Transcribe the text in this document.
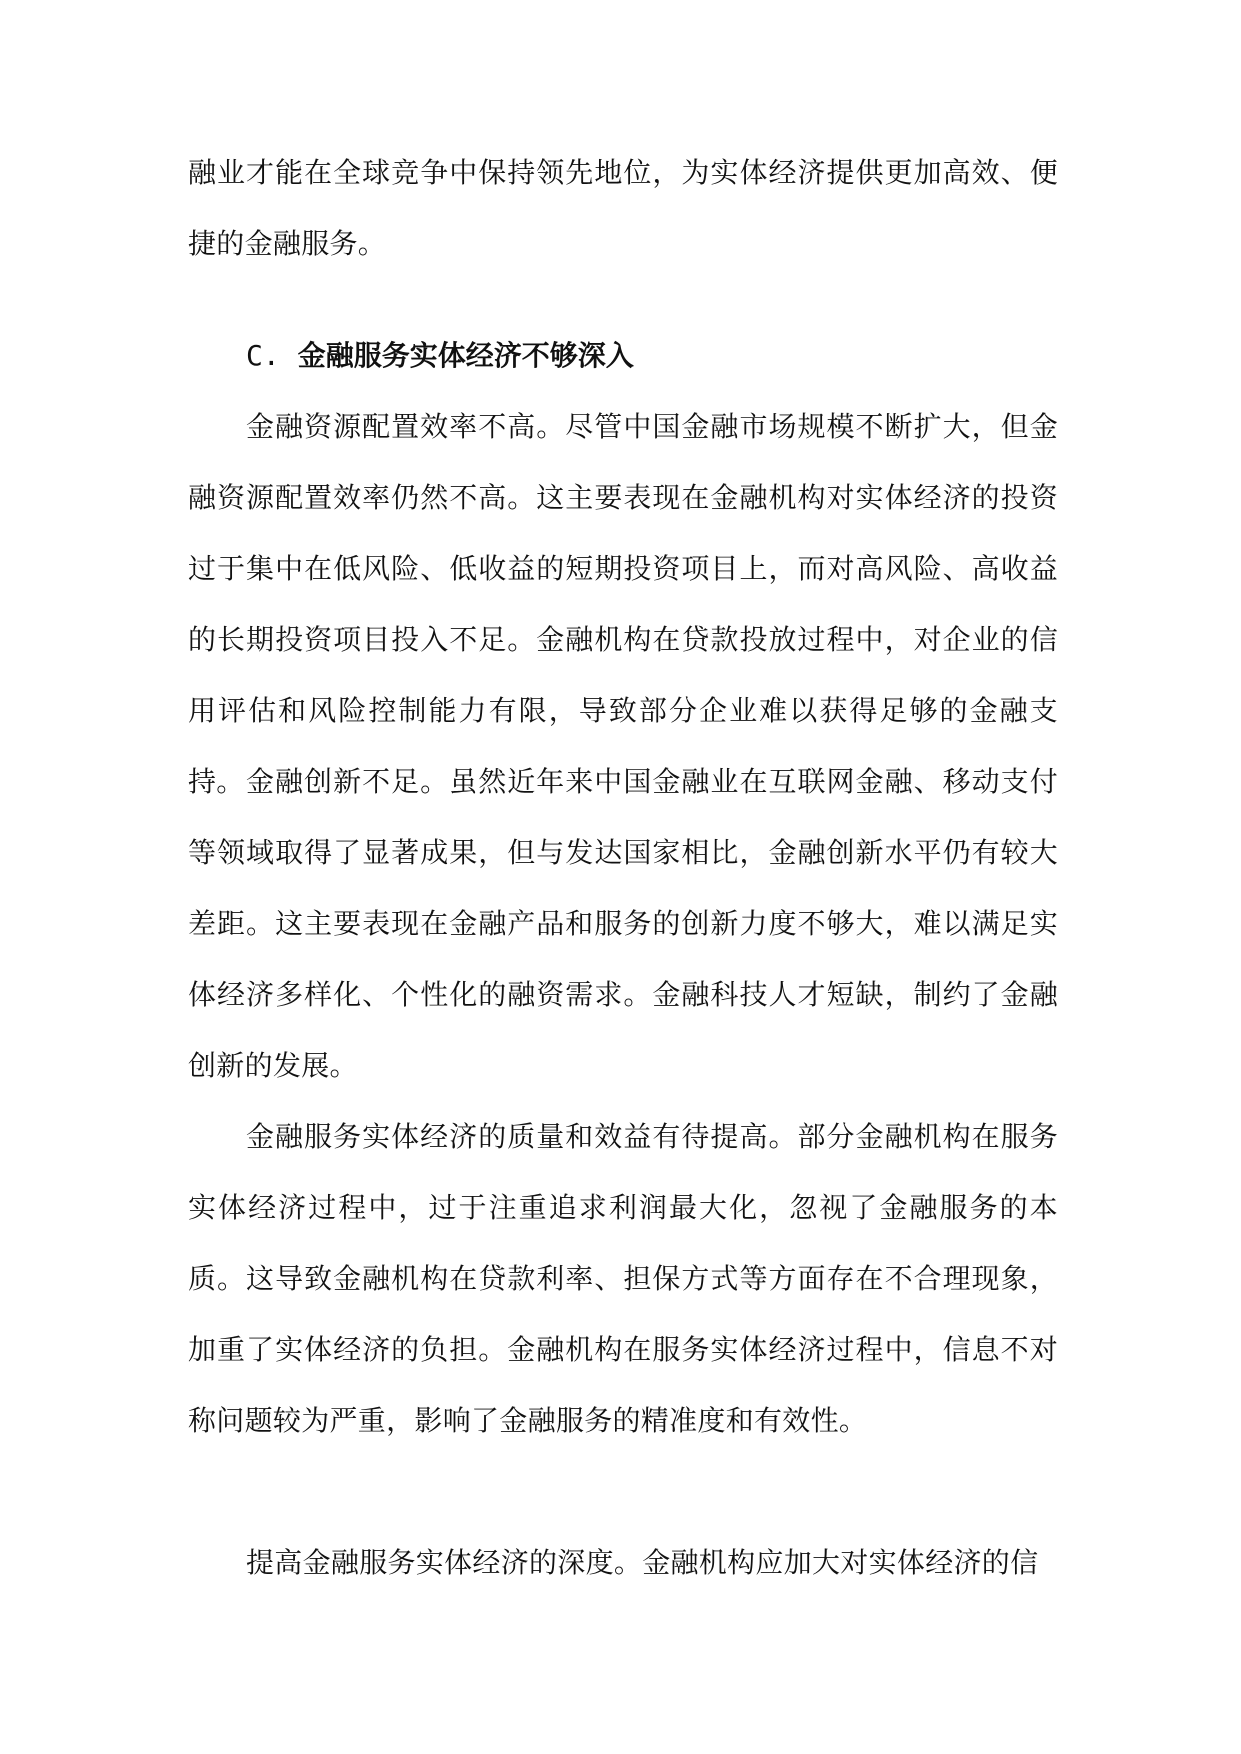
融业才能在全球竞争中保持领先地位，为实体经济提供更加高效、便捷的金融服务。

C. 金融服务实体经济不够深入

金融资源配置效率不高。尽管中国金融市场规模不断扩大，但金融资源配置效率仍然不高。这主要表现在金融机构对实体经济的投资过于集中在低风险、低收益的短期投资项目上，而对高风险、高收益的长期投资项目投入不足。金融机构在贷款投放过程中，对企业的信用评估和风险控制能力有限，导致部分企业难以获得足够的金融支持。 金融创新不足。虽然近年来中国金融业在互联网金融、移动支付等领域取得了显著成果，但与发达国家相比，金融创新水平仍有较大差距。这主要表现在金融产品和服务的创新力度不够大，难以满足实体经济多样化、个性化的融资需求。金融科技人才短缺，制约了金融创新的发展。

金融服务实体经济的质量和效益有待提高。部分金融机构在服务实体经济过程中，过于注重追求利润最大化，忽视了金融服务的本质。这导致金融机构在贷款利率、担保方式等方面存在不合理现象，加重了实体经济的负担。金融机构在服务实体经济过程中，信息不对称问题较为严重，影响了金融服务的精准度和有效性。

提高金融服务实体经济的深度。金融机构应加大对实体经济的信
